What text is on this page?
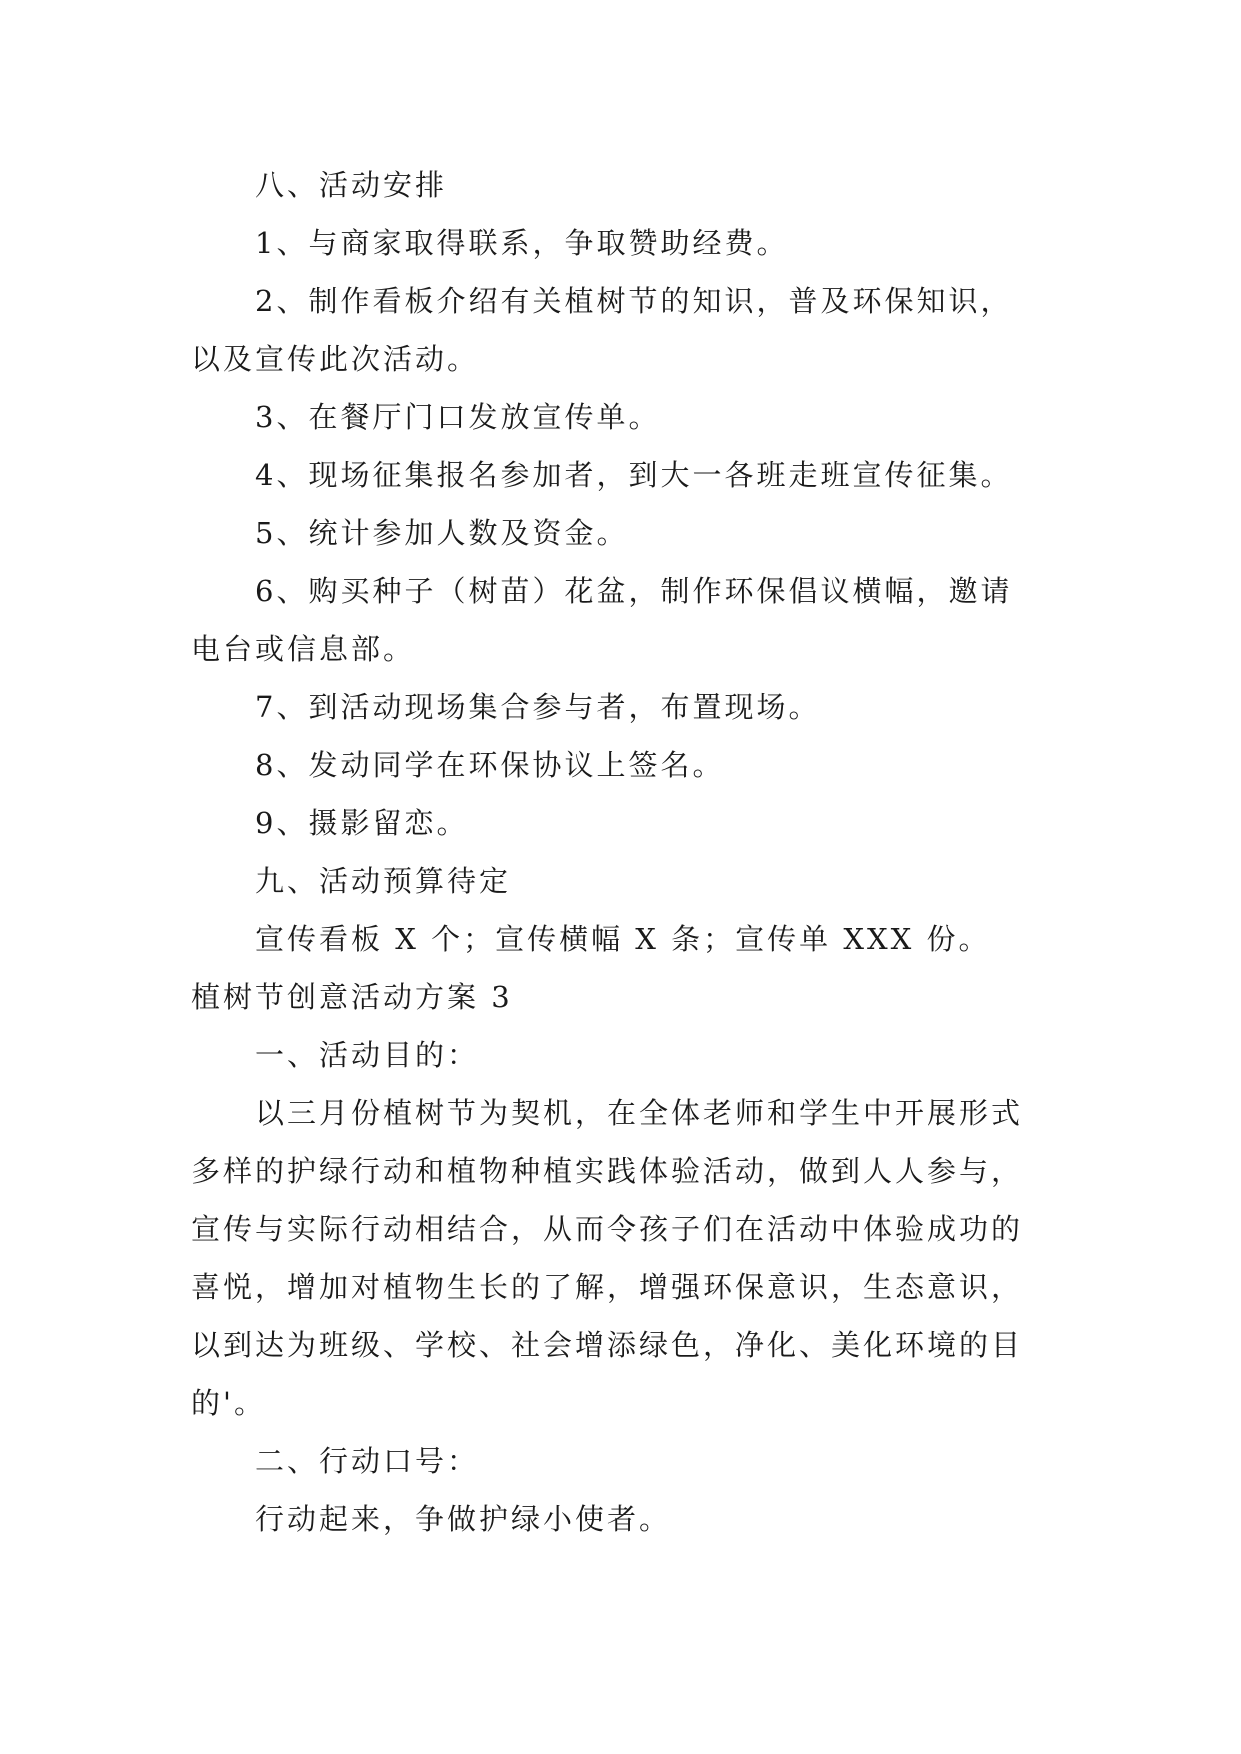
八、活动安排

1、与商家取得联系，争取赞助经费。

2、制作看板介绍有关植树节的知识，普及环保知识，

以及宣传此次活动。

3、在餐厅门口发放宣传单。

4、现场征集报名参加者，到大一各班走班宣传征集。

5、统计参加人数及资金。

6、购买种子（树苗）花盆，制作环保倡议横幅，邀请

电台或信息部。

7、到活动现场集合参与者，布置现场。

8、发动同学在环保协议上签名。

9、摄影留恋。

九、活动预算待定

宣传看板 X 个；宣传横幅 X 条；宣传单 XXX 份。

植树节创意活动方案 3

一、活动目的：

以三月份植树节为契机，在全体老师和学生中开展形式

多样的护绿行动和植物种植实践体验活动，做到人人参与，

宣传与实际行动相结合，从而令孩子们在活动中体验成功的

喜悦，增加对植物生长的了解，增强环保意识，生态意识，

以到达为班级、学校、社会增添绿色，净化、美化环境的目

的'。

二、行动口号：

行动起来，争做护绿小使者。
